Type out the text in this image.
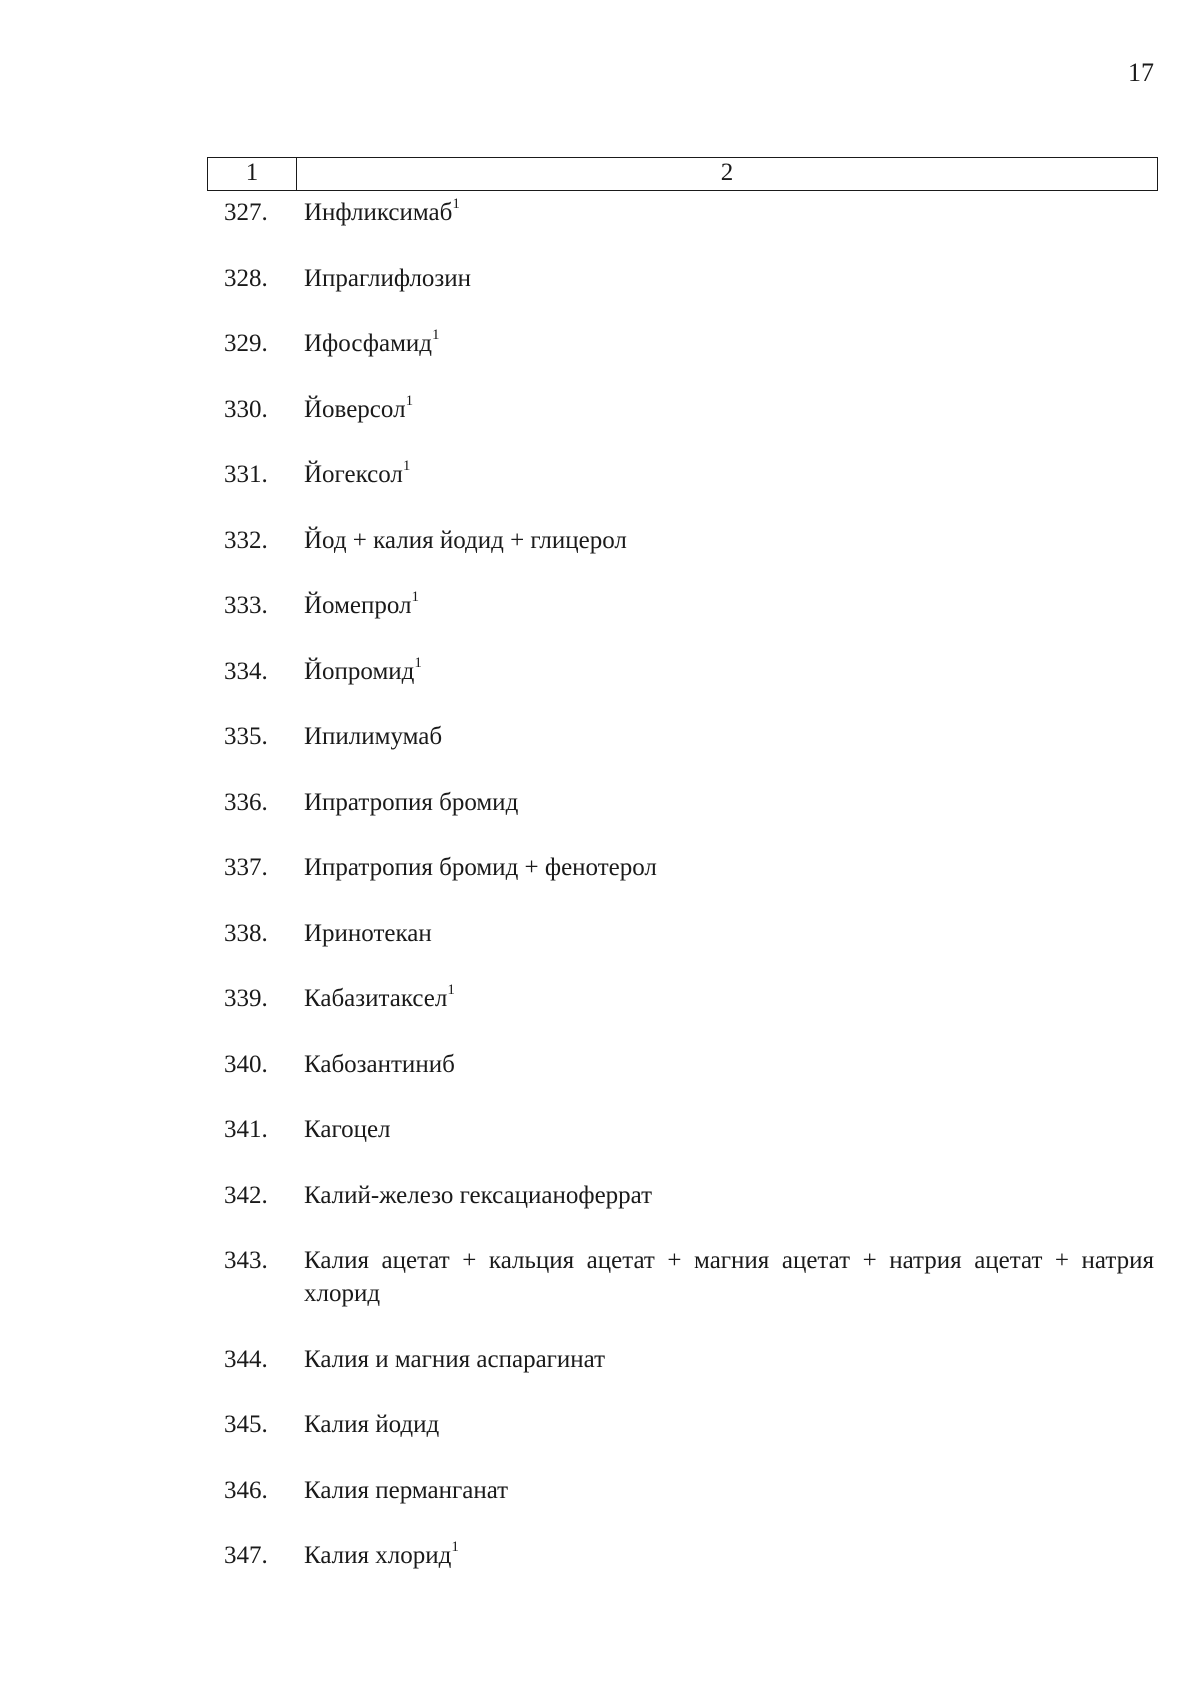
17
1	2
327.	Инфликсимаб$^1$
328.	Ипраглифлозин
329.	Ифосфамид$^1$
330.	Йоверсол$^1$
331.	Йогексол$^1$
332.	Йод + калия йодид + глицерол
333.	Йомепрол$^1$
334.	Йопромид$^1$
335.	Ипилимумаб
336.	Ипратропия бромид
337.	Ипратропия бромид + фенотерол
338.	Иринотекан
339.	Кабазитаксел$^1$
340.	Кабозантиниб
341.	Кагоцел
342.	Калий-железо гексацианоферрат
343.	Калия ацетат + кальция ацетат + магния ацетат + натрия ацетат + натрия хлорид
344.	Калия и магния аспарагинат
345.	Калия йодид
346.	Калия перманганат
347.	Калия хлорид$^1$
